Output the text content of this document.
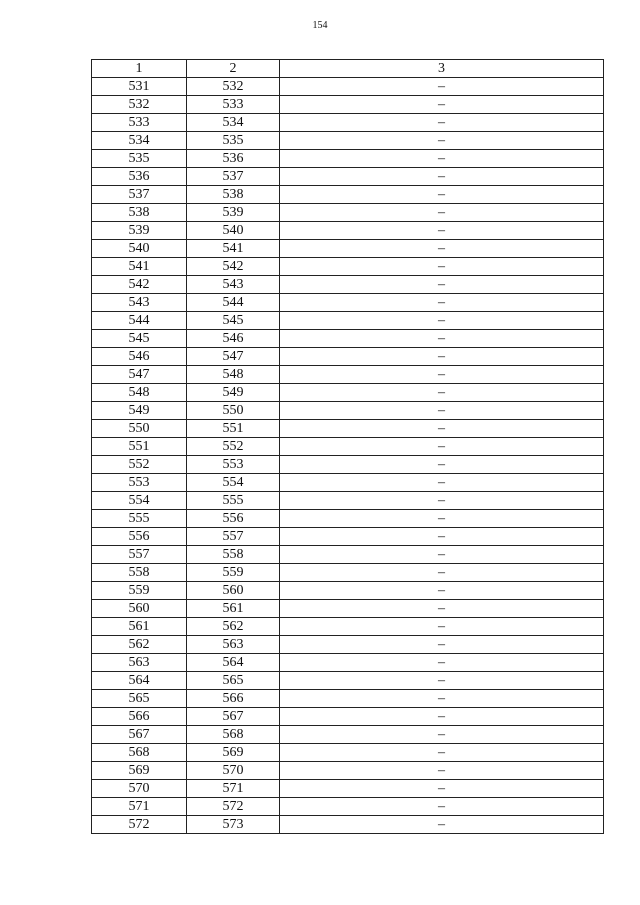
154
1	2	3
531	532	–
532	533	–
533	534	–
534	535	–
535	536	–
536	537	–
537	538	–
538	539	–
539	540	–
540	541	–
541	542	–
542	543	–
543	544	–
544	545	–
545	546	–
546	547	–
547	548	–
548	549	–
549	550	–
550	551	–
551	552	–
552	553	–
553	554	–
554	555	–
555	556	–
556	557	–
557	558	–
558	559	–
559	560	–
560	561	–
561	562	–
562	563	–
563	564	–
564	565	–
565	566	–
566	567	–
567	568	–
568	569	–
569	570	–
570	571	–
571	572	–
572	573	–
